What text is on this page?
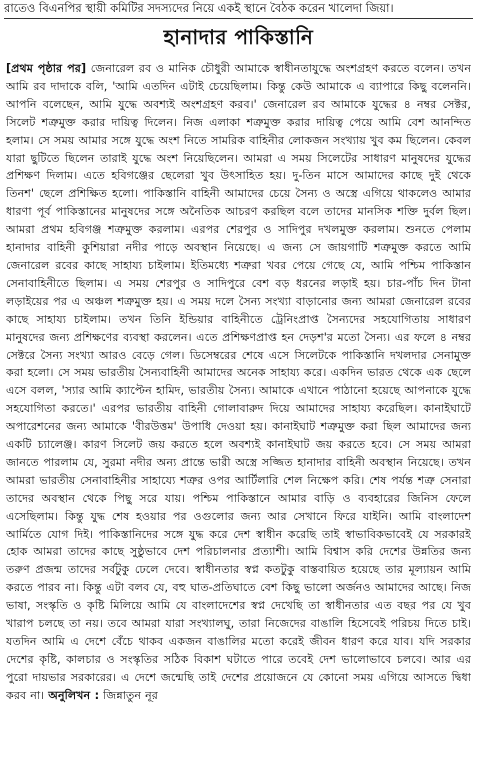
রাতেও বিএনপির স্থায়ী কমিটির সদস্যদের নিয়ে একই স্থানে বৈঠক করেন খালেদা জিয়া।
হানাদার পাকিস্তানি

[প্রথম পৃষ্ঠার পর] জেনারেল রব ও মানিক চৌধুরী আমাকে স্বাধীনতাযুদ্ধে অংশগ্রহণ করতে বলেন। তখন আমি রব দাদাকে বলি, 'আমি এতদিন এটাই চেয়েছিলাম। কিন্তু কেউ আমাকে এ ব্যাপারে কিছু বলেননি। আপনি বলেছেন, আমি যুদ্ধে অবশ্যই অংশগ্রহণ করব।' জেনারেল রব আমাকে যুদ্ধের ৪ নম্বর সেক্টর, সিলেট শত্রুমুক্ত করার দায়িত্ব দিলেন। নিজ এলাকা শত্রুমুক্ত করার দায়িত্ব পেয়ে আমি বেশ আনন্দিত হলাম। সে সময় আমার সঙ্গে যুদ্ধে অংশ নিতে সামরিক বাহিনীর লোকজন সংখ্যায় খুব কম ছিলেন। কেবল যারা ছুটিতে ছিলেন তারাই যুদ্ধে অংশ নিয়েছিলেন। আমরা এ সময় সিলেটের সাধারণ মানুষদের যুদ্ধের প্রশিক্ষণ দিলাম। এতে হবিগঞ্জের ছেলেরা খুব উৎসাহিত হয়। দু-তিন মাসে আমাদের কাছে দুই থেকে তিনশ' ছেলে প্রশিক্ষিত হলো। পাকিস্তানি বাহিনী আমাদের চেয়ে সৈন্য ও অস্ত্রে এগিয়ে থাকলেও আমার ধারণা পূর্ব পাকিস্তানের মানুষদের সঙ্গে অনৈতিক আচরণ করছিল বলে তাদের মানসিক শক্তি দুর্বল ছিল। আমরা প্রথম হবিগঞ্জ শত্রুমুক্ত করলাম। এরপর শেরপুর ও সাদিপুর দখলমুক্ত করলাম। শুনতে পেলাম হানাদার বাহিনী কুশিয়ারা নদীর পাড়ে অবস্থান নিয়েছে। এ জন্য সে জায়গাটি শত্রুমুক্ত করতে আমি জেনারেল রবের কাছে সাহায্য চাইলাম। ইতিমধ্যে শত্রুরা খবর পেয়ে গেছে যে, আমি পশ্চিম পাকিস্তান সেনাবাহিনীতে ছিলাম। এ সময় শেরপুর ও সাদিপুরে বেশ বড় ধরনের লড়াই হয়। চার-পাঁচ দিন টানা লড়াইয়ের পর এ অঞ্চল শত্রুমুক্ত হয়। এ সময় দলে সৈন্য সংখ্যা বাড়ানোর জন্য আমরা জেনারেল রবের কাছে সাহায্য চাইলাম। তখন তিনি ইন্ডিয়ার বাহিনীতে ট্রেনিংপ্রাপ্ত সৈন্যদের সহযোগিতায় সাধারণ মানুষদের জন্য প্রশিক্ষণের ব্যবস্থা করলেন। এতে প্রশিক্ষণপ্রাপ্ত হন দেড়শ'র মতো সৈন্য। এর ফলে ৪ নম্বর সেক্টরে সৈন্য সংখ্যা আরও বেড়ে গেল। ডিসেম্বরের শেষে এসে সিলেটকে পাকিস্তানি দখলদার সেনামুক্ত করা হলো। সে সময় ভারতীয় সৈন্যবাহিনী আমাদের অনেক সাহায্য করে। একদিন ভারত থেকে এক ছেলে এসে বলল, 'স্যার আমি ক্যাপ্টেন হামিদ, ভারতীয় সৈন্য। আমাকে এখানে পাঠানো হয়েছে আপনাকে যুদ্ধে সহযোগিতা করতে।' এরপর ভারতীয় বাহিনী গোলাবারুদ দিয়ে আমাদের সাহায্য করেছিল। কানাইঘাটে অপারেশনের জন্য আমাকে 'বীরউত্তম' উপাধি দেওয়া হয়। কানাইঘাট শত্রুমুক্ত করা ছিল আমাদের জন্য একটি চ্যালেঞ্জ। কারণ সিলেট জয় করতে হলে অবশ্যই কানাইঘাট জয় করতে হবে। সে সময় আমরা জানতে পারলাম যে, সুরমা নদীর অন্য প্রান্তে ভারী অস্ত্রে সজ্জিত হানাদার বাহিনী অবস্থান নিয়েছে। তখন আমরা ভারতীয় সেনাবাহিনীর সাহায্যে শত্রুর ওপর আর্টিলারি শেল নিক্ষেপ করি। শেষ পর্যন্ত শত্রু সেনারা তাদের অবস্থান থেকে পিছু সরে যায়। পশ্চিম পাকিস্তানে আমার বাড়ি ও ব্যবহারের জিনিস ফেলে এসেছিলাম। কিন্তু যুদ্ধ শেষ হওয়ার পর ওগুলোর জন্য আর সেখানে ফিরে যাইনি। আমি বাংলাদেশ আর্মিতে যোগ দিই। পাকিস্তানিদের সঙ্গে যুদ্ধ করে দেশ স্বাধীন করেছি তাই স্বাভাবিকভাবেই যে সরকারই হোক আমরা তাদের কাছে সুষ্ঠুভাবে দেশ পরিচালনার প্রত্যাশী। আমি বিশ্বাস করি দেশের উন্নতির জন্য তরুণ প্রজন্ম তাদের সর্বটুকু ঢেলে দেবে। স্বাধীনতার স্বপ্ন কতটুকু বাস্তবায়িত হয়েছে তার মূল্যায়ন আমি করতে পারব না। কিন্তু এটা বলব যে, বহু ঘাত-প্রতিঘাতে বেশ কিছু ভালো অর্জনও আমাদের আছে। নিজ ভাষা, সংস্কৃতি ও কৃষ্টি মিলিয়ে আমি যে বাংলাদেশের স্বপ্ন দেখেছি তা স্বাধীনতার এত বছর পর যে খুব খারাপ চলছে তা নয়। তবে আমরা যারা সংখ্যালঘু, তারা নিজেদের বাঙালি হিসেবেই পরিচয় দিতে চাই। যতদিন আমি এ দেশে বেঁচে থাকব একজন বাঙালির মতো করেই জীবন ধারণ করে যাব। যদি সরকার দেশের কৃষ্টি, কালচার ও সংস্কৃতির সঠিক বিকাশ ঘটাতে পারে তবেই দেশ ভালোভাবে চলবে। আর এর পুরো দায়ভার সরকারের। এ দেশে জন্মেছি তাই দেশের প্রয়োজনে যে কোনো সময় এগিয়ে আসতে দ্বিধা করব না। অনুলিখন : জিন্নাতুন নূর
